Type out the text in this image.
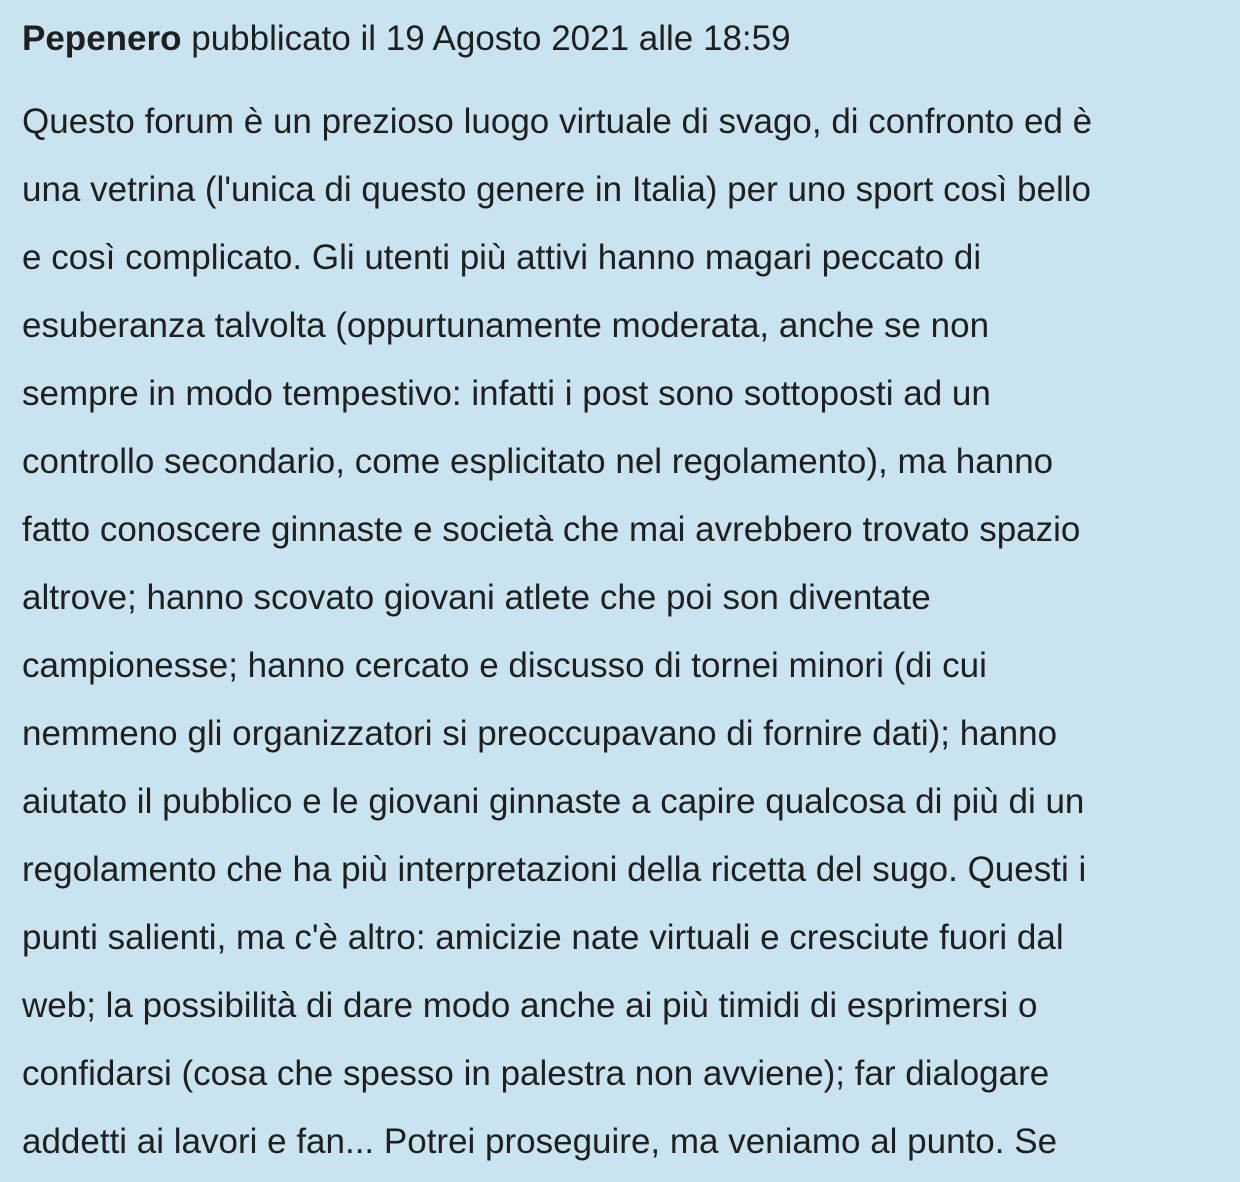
Pepenero pubblicato il 19 Agosto 2021 alle 18:59
Questo forum è un prezioso luogo virtuale di svago, di confronto ed è
una vetrina (l'unica di questo genere in Italia) per uno sport così bello
e così complicato. Gli utenti più attivi hanno magari peccato di
esuberanza talvolta (oppurtunamente moderata, anche se non
sempre in modo tempestivo: infatti i post sono sottoposti ad un
controllo secondario, come esplicitato nel regolamento), ma hanno
fatto conoscere ginnaste e società che mai avrebbero trovato spazio
altrove; hanno scovato giovani atlete che poi son diventate
campionesse; hanno cercato e discusso di tornei minori (di cui
nemmeno gli organizzatori si preoccupavano di fornire dati); hanno
aiutato il pubblico e le giovani ginnaste a capire qualcosa di più di un
regolamento che ha più interpretazioni della ricetta del sugo. Questi i
punti salienti, ma c'è altro: amicizie nate virtuali e cresciute fuori dal
web; la possibilità di dare modo anche ai più timidi di esprimersi o
confidarsi (cosa che spesso in palestra non avviene); far dialogare
addetti ai lavori e fan... Potrei proseguire, ma veniamo al punto. Se
